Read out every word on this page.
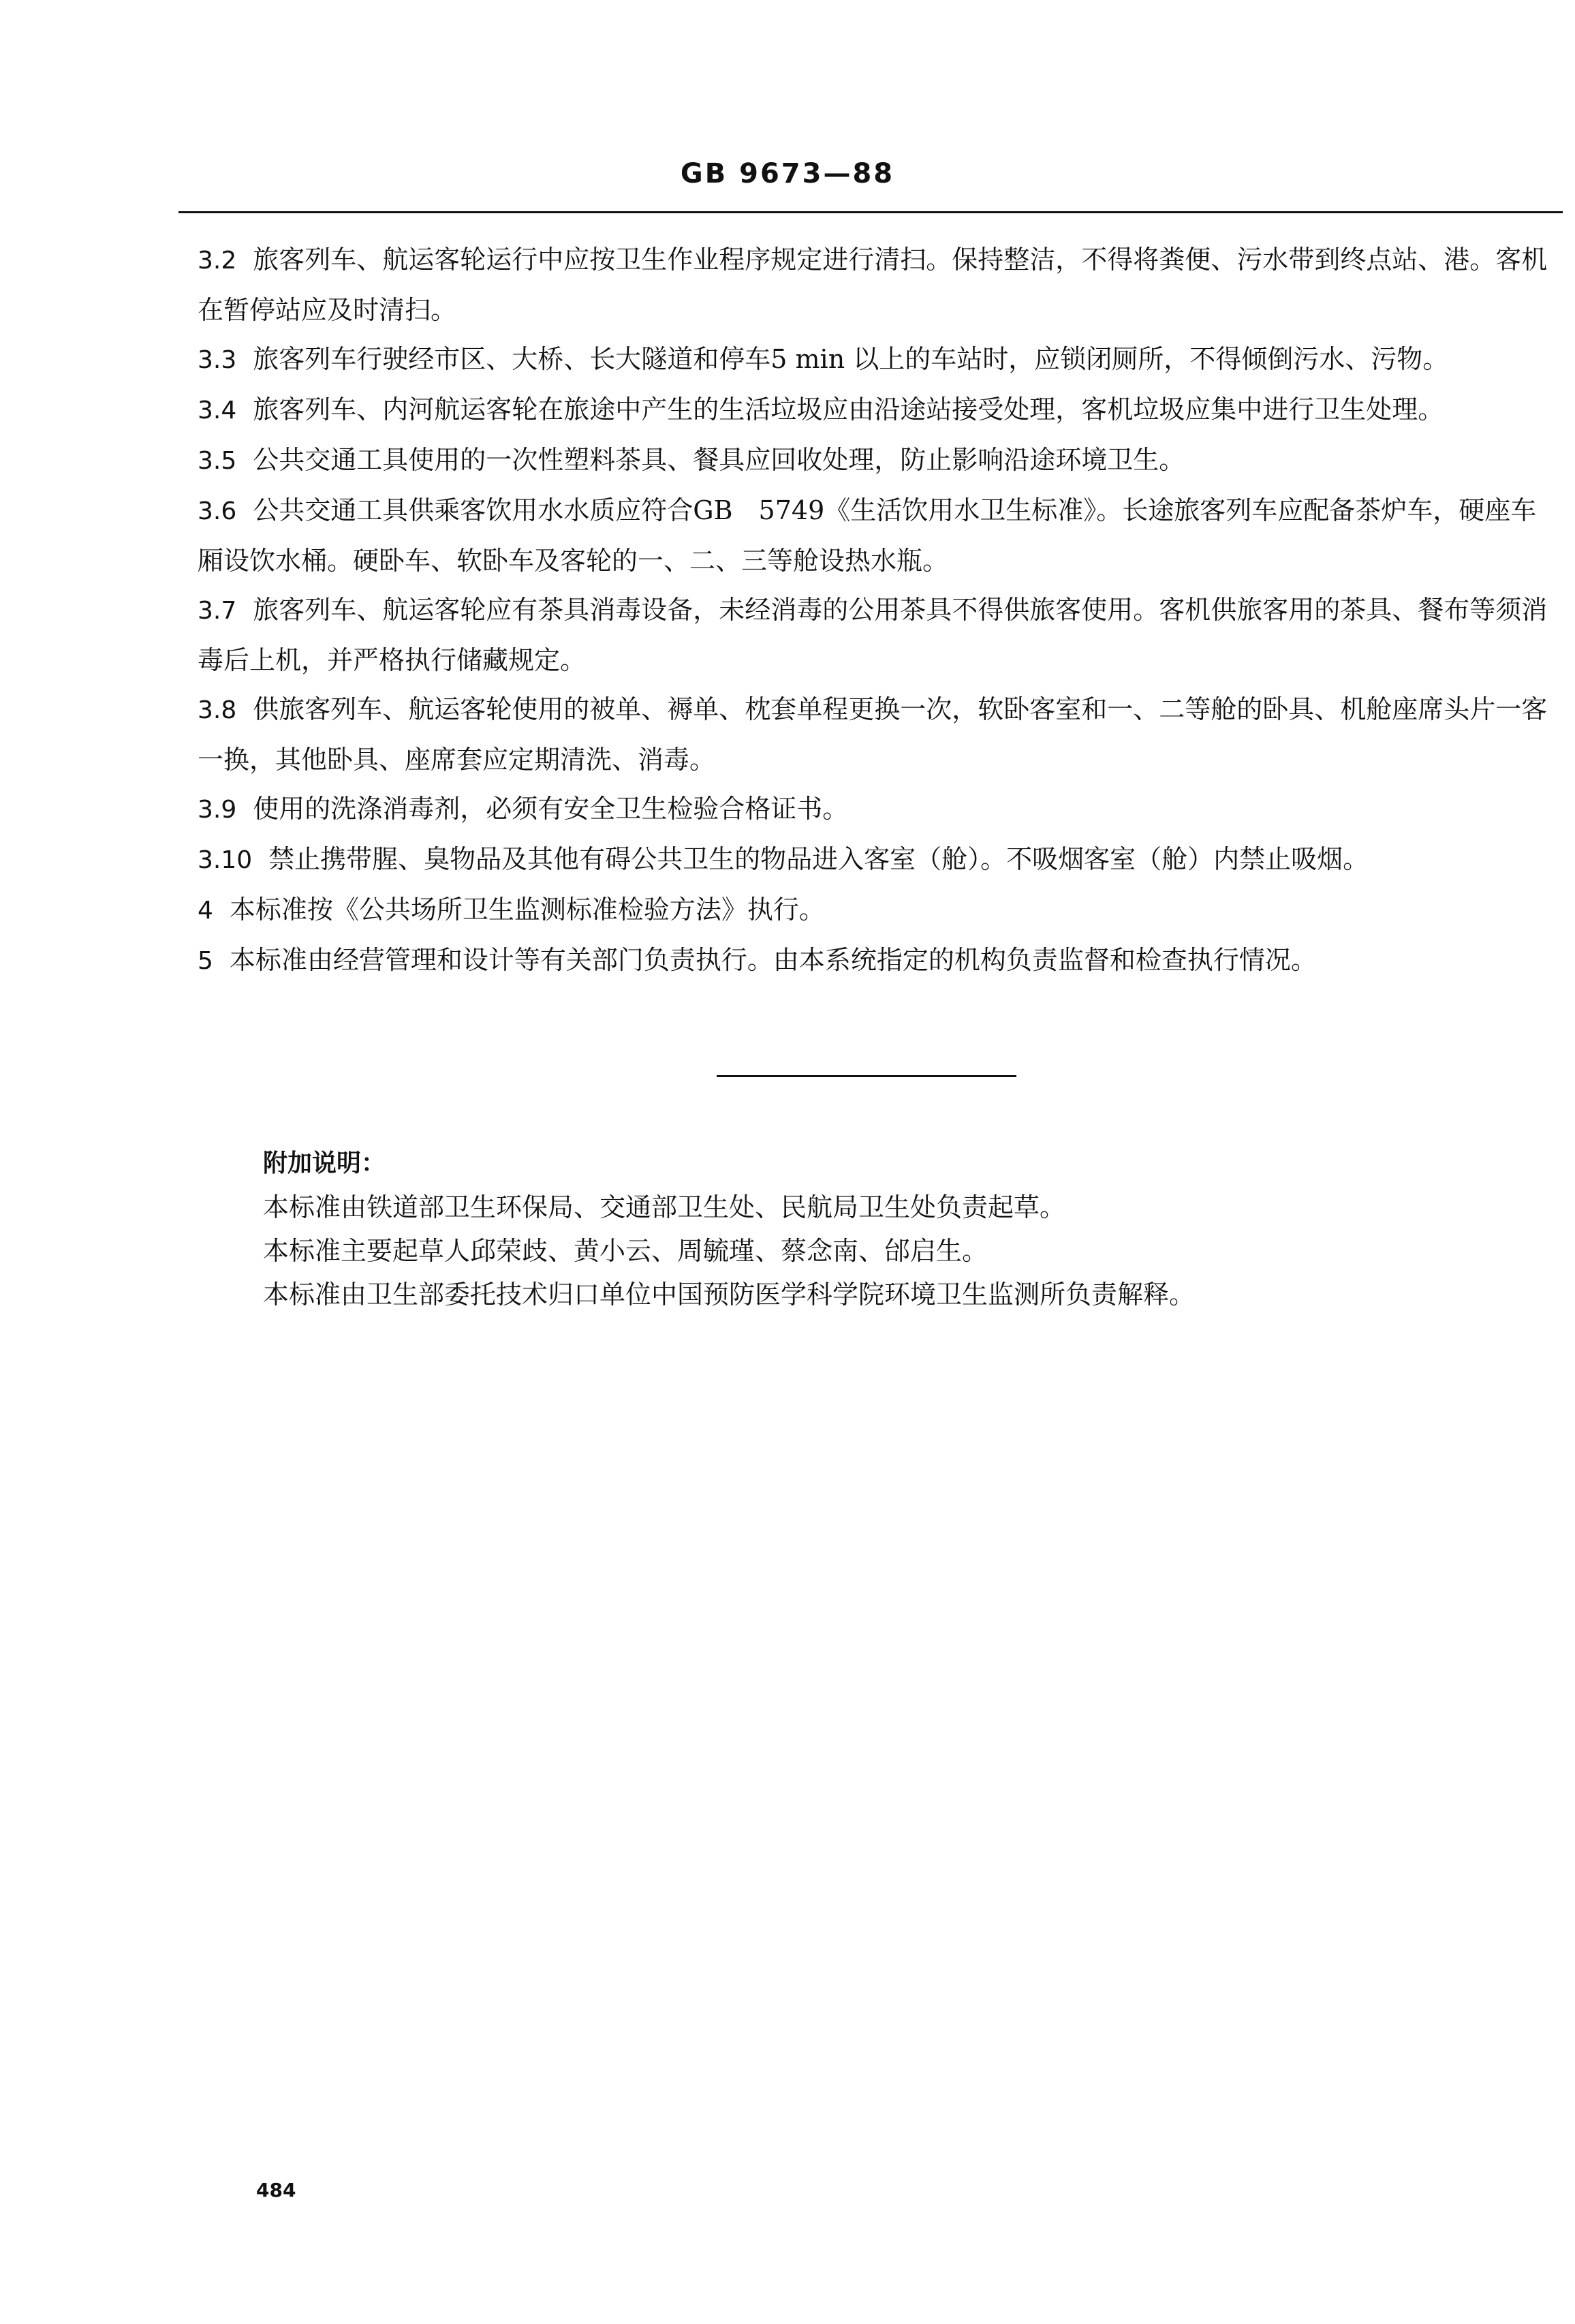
GB 9673—88
3.2 旅客列车、航运客轮运行中应按卫生作业程序规定进行清扫。保持整洁，不得将粪便、污水带到终点站、港。客机在暂停站应及时清扫。
3.3 旅客列车行驶经市区、大桥、长大隧道和停车5 min 以上的车站时，应锁闭厕所，不得倾倒污水、污物。
3.4 旅客列车、内河航运客轮在旅途中产生的生活垃圾应由沿途站接受处理，客机垃圾应集中进行卫生处理。
3.5 公共交通工具使用的一次性塑料茶具、餐具应回收处理，防止影响沿途环境卫生。
3.6 公共交通工具供乘客饮用水水质应符合GB　5749《生活饮用水卫生标准》。长途旅客列车应配备茶炉车，硬座车厢设饮水桶。硬卧车、软卧车及客轮的一、二、三等舱设热水瓶。
3.7 旅客列车、航运客轮应有茶具消毒设备，未经消毒的公用茶具不得供旅客使用。客机供旅客用的茶具、餐布等须消毒后上机，并严格执行储藏规定。
3.8 供旅客列车、航运客轮使用的被单、褥单、枕套单程更换一次，软卧客室和一、二等舱的卧具、机舱座席头片一客一换，其他卧具、座席套应定期清洗、消毒。
3.9 使用的洗涤消毒剂，必须有安全卫生检验合格证书。
3.10 禁止携带腥、臭物品及其他有碍公共卫生的物品进入客室（舱）。不吸烟客室（舱）内禁止吸烟。
4 本标准按《公共场所卫生监测标准检验方法》执行。
5 本标准由经营管理和设计等有关部门负责执行。由本系统指定的机构负责监督和检查执行情况。
附加说明：
本标准由铁道部卫生环保局、交通部卫生处、民航局卫生处负责起草。
本标准主要起草人邱荣歧、黄小云、周毓瑾、蔡念南、邰启生。
本标准由卫生部委托技术归口单位中国预防医学科学院环境卫生监测所负责解释。
484
